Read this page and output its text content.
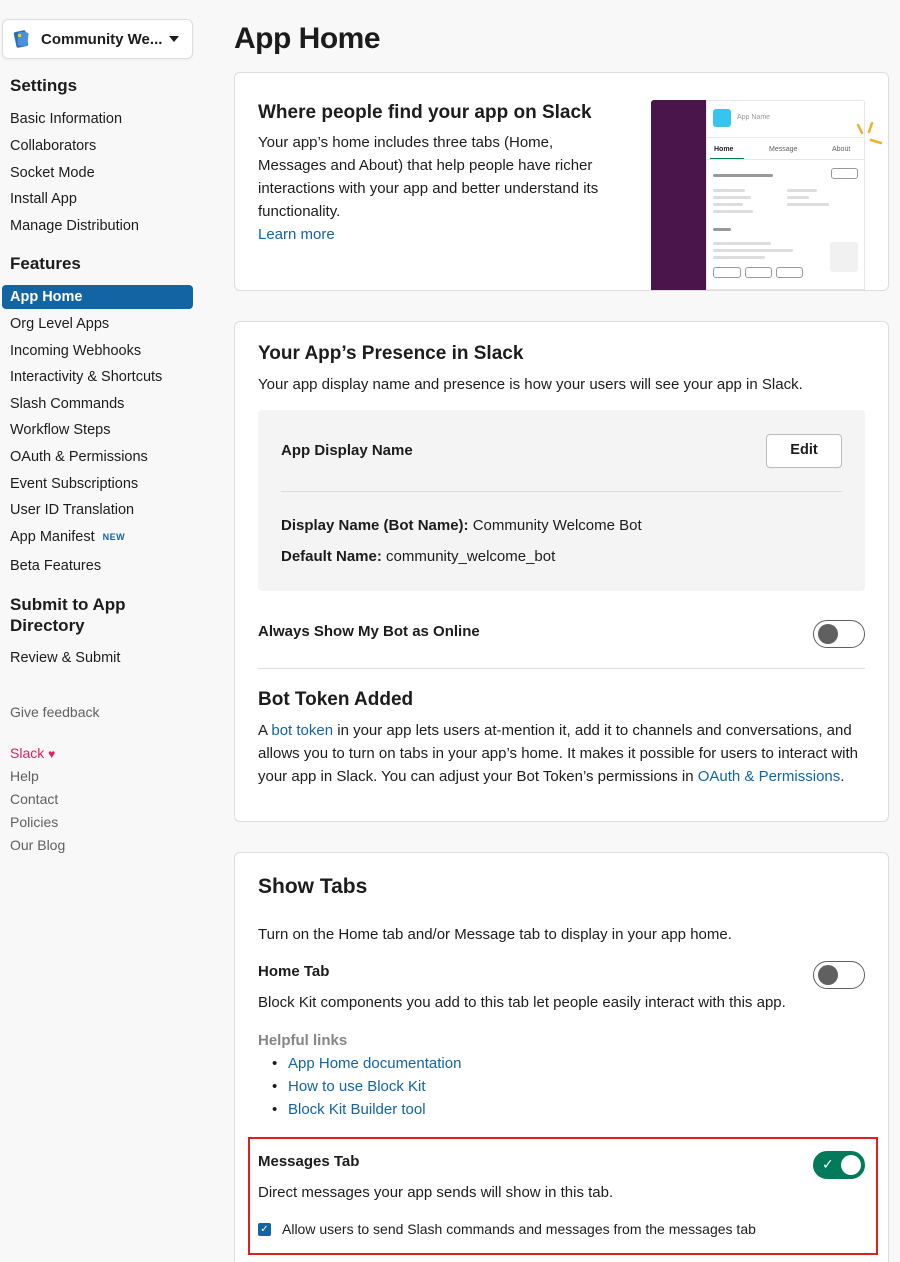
Community We...
Settings
Basic Information
Collaborators
Socket Mode
Install App
Manage Distribution
Features
App Home
Org Level Apps
Incoming Webhooks
Interactivity & Shortcuts
Slash Commands
Workflow Steps
OAuth & Permissions
Event Subscriptions
User ID Translation
App Manifest NEW
Beta Features
Submit to App
Directory
Review & Submit
Give feedback
Slack ♥
Help
Contact
Policies
Our Blog
App Home
Where people find your app on Slack
Your app’s home includes three tabs (Home,
Messages and About) that help people have richer
interactions with your app and better understand its
functionality.
Learn more
App Name
Home	Message	About
Your App’s Presence in Slack
Your app display name and presence is how your users will see your app in Slack.
App Display Name	Edit
Display Name (Bot Name): Community Welcome Bot
Default Name: community_welcome_bot
Always Show My Bot as Online
Bot Token Added
A bot token in your app lets users at-mention it, add it to channels and conversations, and
allows you to turn on tabs in your app’s home. It makes it possible for users to interact with
your app in Slack. You can adjust your Bot Token’s permissions in OAuth & Permissions.
Show Tabs
Turn on the Home tab and/or Message tab to display in your app home.
Home Tab
Block Kit components you add to this tab let people easily interact with this app.
Helpful links
• App Home documentation
• How to use Block Kit
• Block Kit Builder tool
Messages Tab	✓
Direct messages your app sends will show in this tab.
✓ Allow users to send Slash commands and messages from the messages tab
